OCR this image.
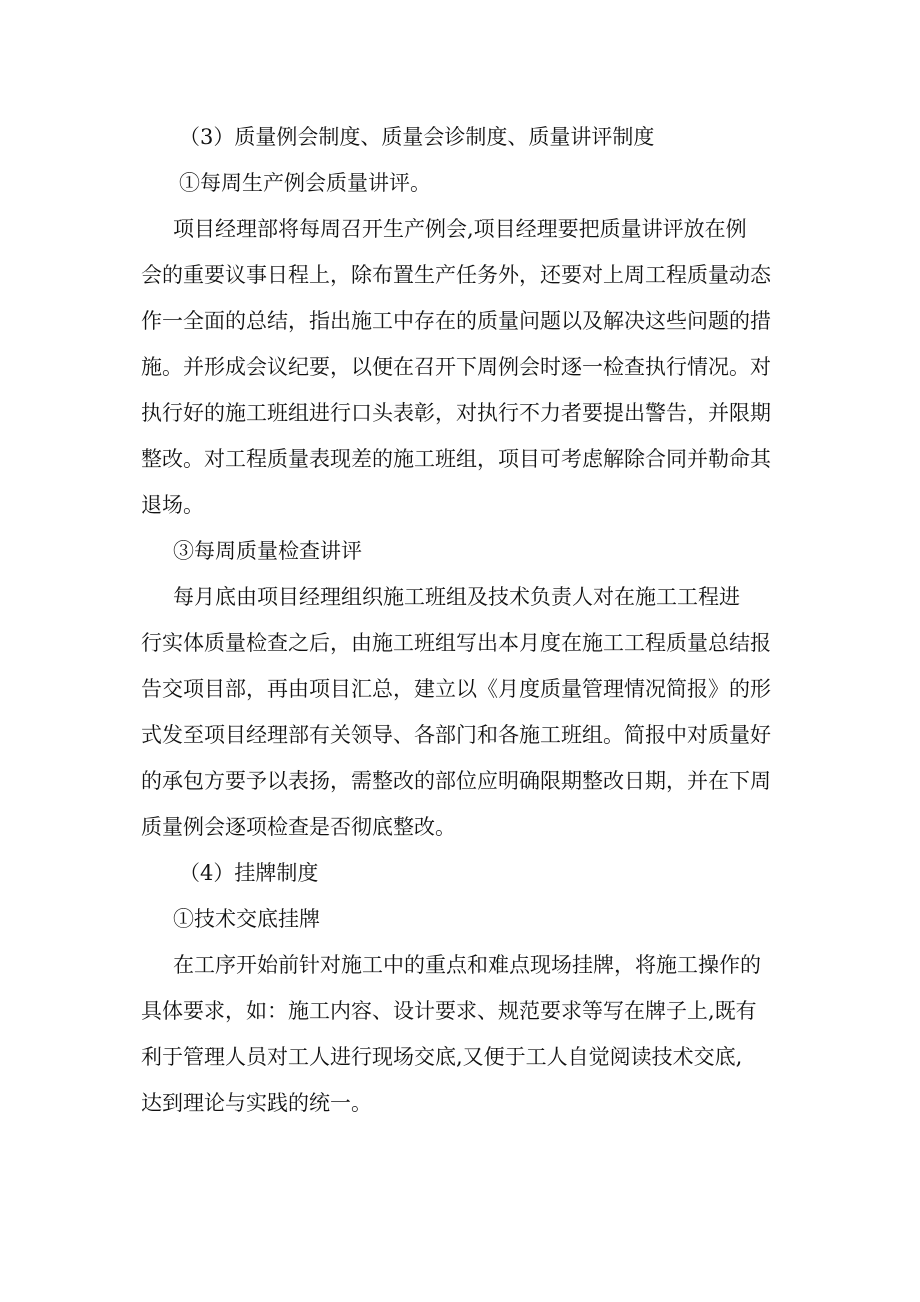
（3）质量例会制度、质量会诊制度、质量讲评制度

①每周生产例会质量讲评。

项目经理部将每周召开生产例会,项目经理要把质量讲评放在例

会的重要议事日程上，除布置生产任务外，还要对上周工程质量动态

作一全面的总结，指出施工中存在的质量问题以及解决这些问题的措

施。并形成会议纪要，以便在召开下周例会时逐一检查执行情况。对

执行好的施工班组进行口头表彰，对执行不力者要提出警告，并限期

整改。对工程质量表现差的施工班组，项目可考虑解除合同并勒命其

退场。

③每周质量检查讲评

每月底由项目经理组织施工班组及技术负责人对在施工工程进

行实体质量检查之后，由施工班组写出本月度在施工工程质量总结报

告交项目部，再由项目汇总，建立以《月度质量管理情况简报》的形

式发至项目经理部有关领导、各部门和各施工班组。简报中对质量好

的承包方要予以表扬，需整改的部位应明确限期整改日期，并在下周

质量例会逐项检查是否彻底整改。

（4）挂牌制度

①技术交底挂牌

在工序开始前针对施工中的重点和难点现场挂牌，将施工操作的

具体要求，如：施工内容、设计要求、规范要求等写在牌子上,既有

利于管理人员对工人进行现场交底,又便于工人自觉阅读技术交底,

达到理论与实践的统一。
